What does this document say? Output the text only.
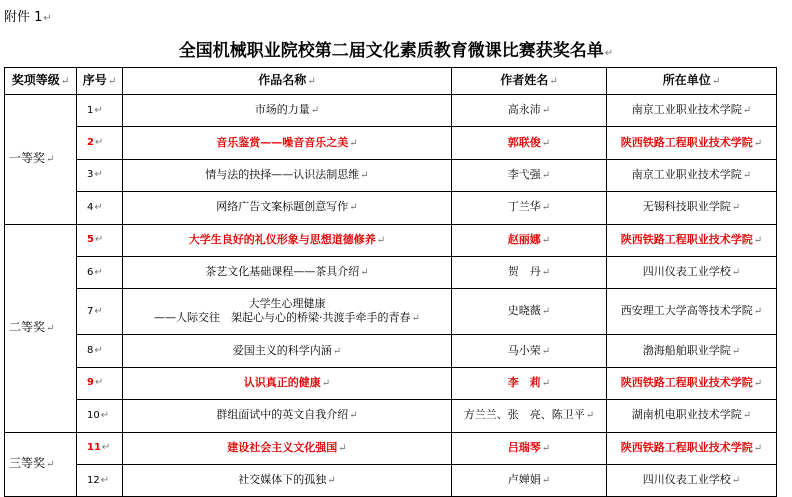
附件 1↵
全国机械职业院校第二届文化素质教育微课比赛获奖名单↵
奖项等级↵	序号↵	作品名称↵	作者姓名↵	所在单位↵
一等奖↵	1↵	市场的力量↵	高永沛↵	南京工业职业技术学院↵
	2↵	音乐鉴赏——噪音音乐之美↵	郭联俊↵	陕西铁路工程职业技术学院↵
	3↵	情与法的抉择——认识法制思维↵	李弋强↵	南京工业职业技术学院↵
	4↵	网络广告文案标题创意写作↵	丁兰华↵	无锡科技职业学院↵
二等奖↵	5↵	大学生良好的礼仪形象与思想道德修养↵	赵丽娜↵	陕西铁路工程职业技术学院↵
	6↵	茶艺文化基础课程——茶具介绍↵	贺　丹↵	四川仪表工业学校↵
	7↵	大学生心理健康
——人际交往　架起心与心的桥梁·共渡手牵手的青春↵	史晓薇↵	西安理工大学高等技术学院↵
	8↵	爱国主义的科学内涵↵	马小荣↵	渤海船舶职业学院↵
	9↵	认识真正的健康↵	李　莉↵	陕西铁路工程职业技术学院↵
	10↵	群组面试中的英文自我介绍↵	方兰兰、张　亮、陈卫平↵	湖南机电职业技术学院↵
三等奖↵	11↵	建设社会主义文化强国↵	吕瑞琴↵	陕西铁路工程职业技术学院↵
	12↵	社交媒体下的孤独↵	卢婵娟↵	四川仪表工业学校↵
